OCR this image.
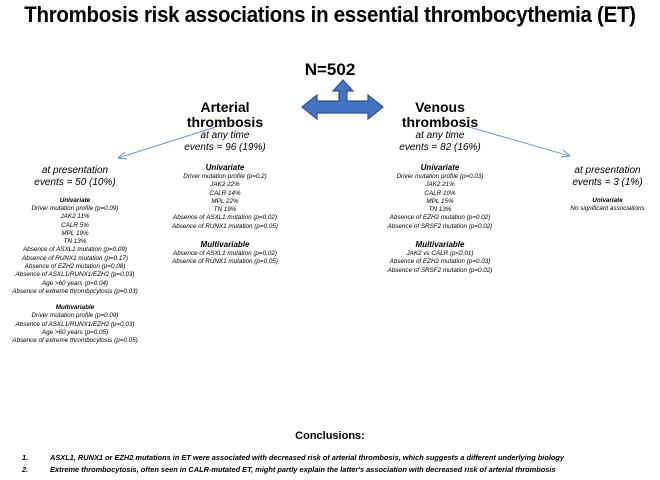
Thrombosis risk associations in essential thrombocythemia (ET)
N=502
Arterial
thrombosis
at any time
events = 96 (19%)
Univariate
Driver mutation profile (p=0.2)
JAK2 22%
CALR 14%
MPL 22%
TN 19%
Absence of ASXL1 mutation (p=0.02)
Absence of RUNX1 mutation (p=0.05)
Multivariable
Absence of ASXL1 mutation (p=0.02)
Absence of RUNX1 mutation (p=0.05)
Venous
thrombosis
at any time
events = 82 (16%)
Univariate
Driver mutation profile (p=0.03)
JAK2 21%
CALR 10%
MPL 15%
TN 13%
Absence of EZH2 mutation (p=0.02)
Absence of SRSF2 mutation (p=0.02)
Multivariable
JAK2 vs CALR (p<0.01)
Absence of EZH2 mutation (p=0.03)
Absence of SRSF2 mutation (p=0.02)
at presentation
events = 50 (10%)
Univariate
Driver mutation profile (p=0.09)
JAK2 11%
CALR 5%
MPL 19%
TN 13%
Absence of ASXL1 mutation (p=0.09)
Absence of RUNX1 mutation (p=0.17)
Absence of EZH2 mutation (p=0.08)
Absence of ASXL1/RUNX1/EZH2 (p=0.03)
Age >60 years (p=0.04)
Absence of extreme thrombocytosis (p=0.03)
Multivariable
Driver mutation profile (p=0.09)
Absence of ASXL1/RUNX1/EZH2 (p=0.03)
Age >60 years (p=0.05)
Absence of extreme thrombocytosis (p=0.05)
at presentation
events = 3 (1%)
Univariate
No significant associations
Conclusions:
1.	ASXL1, RUNX1 or EZH2 mutations in ET were associated with decreased risk of arterial thrombosis, which suggests a different underlying biology
2.	Extreme thrombocytosis, often seen in CALR-mutated ET, might partly explain the latter's association with decreased risk of arterial thrombosis
